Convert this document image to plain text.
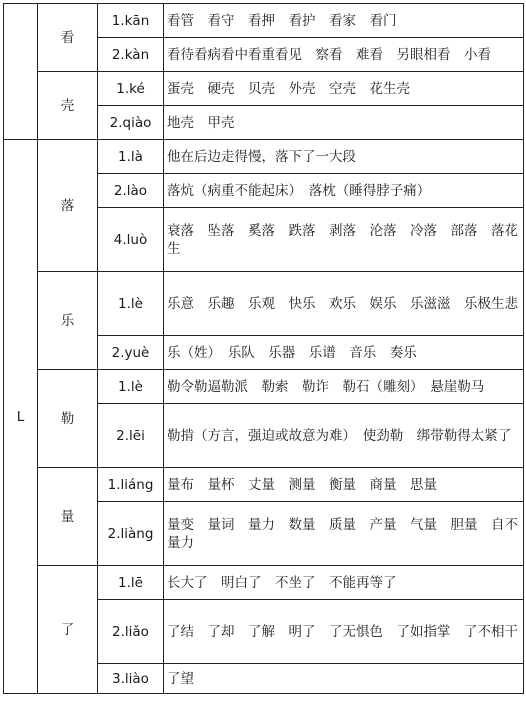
	看	1.kān	看管　看守　看押　看护　看家　看门
		2.kàn	看待看病看中看重看见　察看　难看　另眼相看　小看
	壳	1.ké	蛋壳　硬壳　贝壳　外壳　空壳　花生壳
		2.qiào	地壳　甲壳
L	落	1.là	他在后边走得慢，落下了一大段
		2.lào	落炕（病重不能起床）　落枕（睡得脖子痛）
		4.luò	衰落　坠落　奚落　跌落　剥落　沦落　冷落　部落　落花生
	乐	1.lè	乐意　乐趣　乐观　快乐　欢乐　娱乐　乐滋滋　乐极生悲
		2.yuè	乐（姓）　乐队　乐器　乐谱　音乐　奏乐
	勒	1.lè	勒令勒逼勒派　勒索　勒诈　勒石（雕刻）　悬崖勒马
		2.lēi	勒掯（方言，强迫或故意为难）　使劲勒　绑带勒得太紧了
	量	1.liáng	量布　量杯　丈量　测量　衡量　商量　思量
		2.liàng	量变　量词　量力　数量　质量　产量　气量　胆量　自不量力
	了	1.lē	长大了　明白了　不坐了　不能再等了
		2.liǎo	了结　了却　了解　明了　了无惧色　了如指掌　了不相干
		3.liào	了望
